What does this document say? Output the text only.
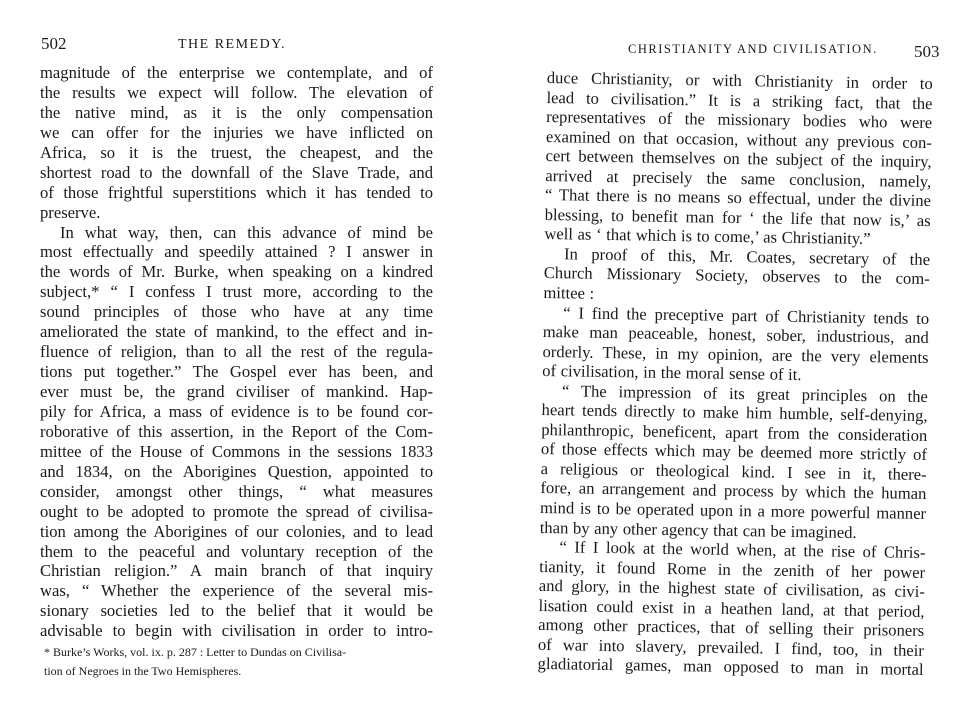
502	THE REMEDY.
magnitude of the enterprise we contemplate, and of
the results we expect will follow. The elevation of
the native mind, as it is the only compensation
we can offer for the injuries we have inflicted on
Africa, so it is the truest, the cheapest, and the
shortest road to the downfall of the Slave Trade, and
of those frightful superstitions which it has tended to
preserve.
In what way, then, can this advance of mind be
most effectually and speedily attained ? I answer in
the words of Mr. Burke, when speaking on a kindred
subject,* “ I confess I trust more, according to the
sound principles of those who have at any time
ameliorated the state of mankind, to the effect and in-
fluence of religion, than to all the rest of the regula-
tions put together.” The Gospel ever has been, and
ever must be, the grand civiliser of mankind. Hap-
pily for Africa, a mass of evidence is to be found cor-
roborative of this assertion, in the Report of the Com-
mittee of the House of Commons in the sessions 1833
and 1834, on the Aborigines Question, appointed to
consider, amongst other things, “ what measures
ought to be adopted to promote the spread of civilisa-
tion among the Aborigines of our colonies, and to lead
them to the peaceful and voluntary reception of the
Christian religion.” A main branch of that inquiry
was, “ Whether the experience of the several mis-
sionary societies led to the belief that it would be
advisable to begin with civilisation in order to intro-
* Burke’s Works, vol. ix. p. 287 : Letter to Dundas on Civilisa-
tion of Negroes in the Two Hemispheres.
CHRISTIANITY AND CIVILISATION. 503
duce Christianity, or with Christianity in order to
lead to civilisation.” It is a striking fact, that the
representatives of the missionary bodies who were
examined on that occasion, without any previous con-
cert between themselves on the subject of the inquiry,
arrived at precisely the same conclusion, namely,
“ That there is no means so effectual, under the divine
blessing, to benefit man for ‘ the life that now is,’ as
well as ‘ that which is to come,’ as Christianity.”
In proof of this, Mr. Coates, secretary of the
Church Missionary Society, observes to the com-
mittee :
“ I find the preceptive part of Christianity tends to
make man peaceable, honest, sober, industrious, and
orderly. These, in my opinion, are the very elements
of civilisation, in the moral sense of it.
“ The impression of its great principles on the
heart tends directly to make him humble, self-denying,
philanthropic, beneficent, apart from the consideration
of those effects which may be deemed more strictly of
a religious or theological kind. I see in it, there-
fore, an arrangement and process by which the human
mind is to be operated upon in a more powerful manner
than by any other agency that can be imagined.
“ If I look at the world when, at the rise of Chris-
tianity, it found Rome in the zenith of her power
and glory, in the highest state of civilisation, as civi-
lisation could exist in a heathen land, at that period,
among other practices, that of selling their prisoners
of war into slavery, prevailed. I find, too, in their
gladiatorial games, man opposed to man in mortal
